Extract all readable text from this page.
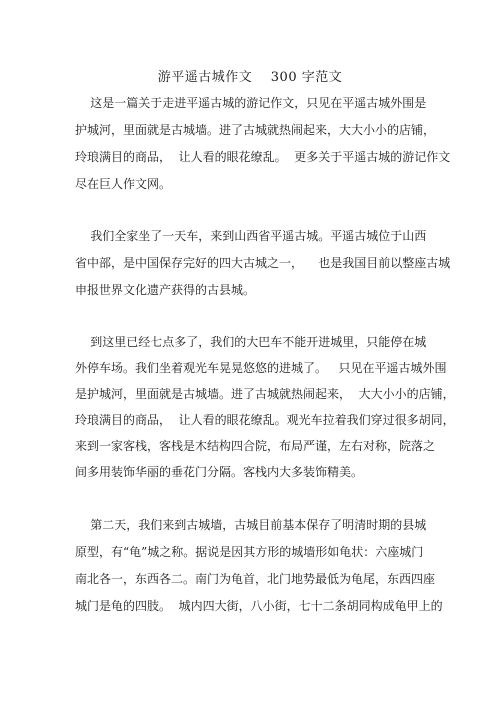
游平遥古城作文    300 字范文
这是一篇关于走进平遥古城的游记作文，只见在平遥古城外围是
护城河，里面就是古城墙。进了古城就热闹起来，大大小小的店铺，
玲琅满目的商品，  让人看的眼花缭乱。  更多关于平遥古城的游记作文
尽在巨人作文网。
我们全家坐了一天车，来到山西省平遥古城。平遥古城位于山西
省中部，是中国保存完好的四大古城之一，    也是我国目前以整座古城
申报世界文化遗产获得的古县城。
到这里已经七点多了，我们的大巴车不能开进城里，只能停在城
外停车场。我们坐着观光车晃晃悠悠的进城了。   只见在平遥古城外围
是护城河，里面就是古城墙。进了古城就热闹起来，  大大小小的店铺，
玲琅满目的商品，  让人看的眼花缭乱。观光车拉着我们穿过很多胡同，
来到一家客栈，客栈是木结构四合院，布局严谨，左右对称，院落之
间多用装饰华丽的垂花门分隔。客栈内大多装饰精美。
第二天，我们来到古城墙，古城目前基本保存了明清时期的县城
原型，有“龟”城之称。据说是因其方形的城墙形如龟状：六座城门
南北各一，东西各二。南门为龟首，北门地势最低为龟尾，东西四座
城门是龟的四肢。  城内四大街，八小街，七十二条胡同构成龟甲上的
